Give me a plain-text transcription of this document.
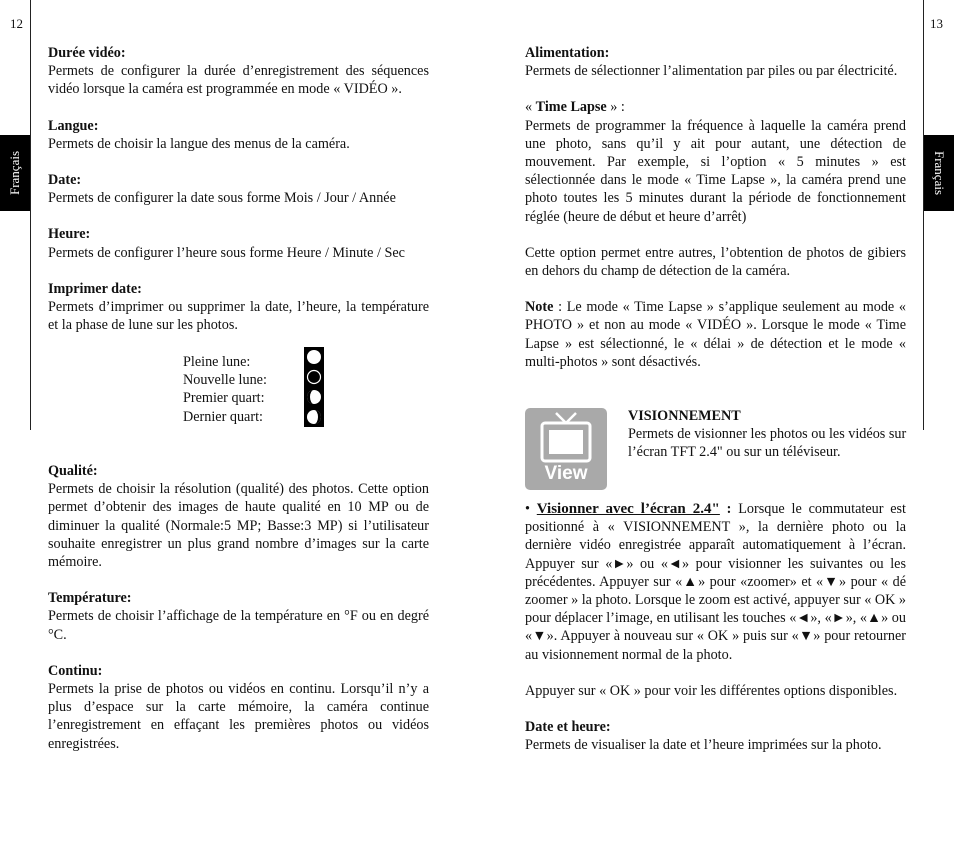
12
Français
13
Français

Durée vidéo:

Permets de configurer la durée d’enregistrement des séquences vidéo lorsque la caméra est programmée en mode « VIDÉO ».

Langue:

Permets de choisir la langue des menus de la caméra.

Date:

Permets de configurer la date sous forme Mois / Jour / Année

Heure:

Permets de configurer l’heure sous forme Heure / Minute / Sec

Imprimer date:

Permets d’imprimer ou supprimer la date, l’heure, la température et la phase de lune sur les photos.

Pleine lune:
Nouvelle lune:
Premier quart:
Dernier quart:

Qualité:

Permets de choisir la résolution (qualité) des photos. Cette option permet d’obtenir des images de haute qualité en 10 MP ou de diminuer la qualité (Normale:5 MP; Basse:3 MP) si l’utilisateur souhaite enregistrer un plus grand nombre d’images sur la carte mémoire.

Température:

Permets de choisir l’affichage de la température en °F ou en degré °C.

Continu:

Permets la prise de photos ou vidéos en continu. Lorsqu’il n’y a plus d’espace sur la carte mémoire, la caméra continue l’enregistrement en effaçant les premières photos ou vidéos enregistrées.

Alimentation:

Permets de sélectionner l’alimentation par piles ou par électricité.

« Time Lapse » :

Permets de programmer la fréquence à laquelle la caméra prend une photo, sans qu’il y ait pour autant, une détection de mouvement. Par exemple, si l’option « 5 minutes » est sélectionnée dans le mode « Time Lapse », la caméra prend une photo toutes les 5 minutes durant la période de fonctionnement réglée (heure de début et heure d’arrêt)

Cette option permet entre autres, l’obtention de photos de gibiers en dehors du champ de détection de la caméra.

Note : Le mode « Time Lapse » s’applique seulement au mode « PHOTO » et non au mode « VIDÉO ». Lorsque le mode « Time Lapse » est sélectionné, le « délai » de détection et le mode « multi-photos » sont désactivés.

View

VISIONNEMENT

Permets de visionner les photos ou les vidéos sur l’écran TFT 2.4" ou sur un téléviseur.

• Visionner avec l’écran 2.4" : Lorsque le commutateur est positionné à « VISIONNEMENT », la dernière photo ou la dernière vidéo enregistrée apparaît automatiquement à l’écran. Appuyer sur «►» ou «◄» pour visionner les suivantes ou les précédentes. Appuyer sur «▲» pour «zoomer» et «▼» pour « dé zoomer » la photo. Lorsque le zoom est activé, appuyer sur « OK » pour déplacer l’image, en utilisant les touches «◄», «►», «▲» ou «▼». Appuyer à nouveau sur « OK » puis sur «▼» pour retourner au visionnement normal de la photo.

Appuyer sur « OK » pour voir les différentes options disponibles.

Date et heure:

Permets de visualiser la date et l’heure imprimées sur la photo.
